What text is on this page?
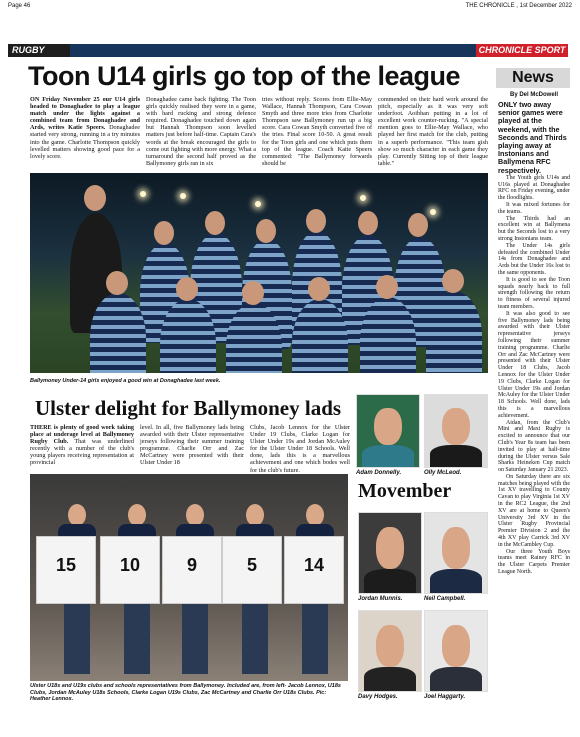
Page 46	THE CHRONICLE , 1st December 2022
RUGBY	CHRONICLE SPORT
Toon U14 girls go top of the league
ON Friday November 25 our U14 girls headed to Donaghadee to play a league match under the lights against a combined team from Donaghadee and Ards, writes Katie Speers. Donaghadee started very strong, running in a try minutes into the game. Charlotte Thompson quickly levelled matters showing good pace for a lovely score.
Donaghadee came back fighting. The Toon girls quickly realised they were in a game, with hard rucking and strong defence required. Donaghadee touched down again but Hannah Thompson soon levelled matters just before half-time. Captain Cara's words at the break encouraged the girls to come out fighting with more energy. What a turnaround the second half proved as the Ballymoney girls ran in six
tries without reply. Scores from Ellie-May Wallace, Hannah Thompson, Cara Cowan Smyth and three more tries from Charlotte Thompson saw Ballymoney run up a big score. Cara Cowan Smyth converted five of the tries. Final score 10-50. A great result for the Toon girls and one which puts them top of the league. Coach Katie Speers commented: "The Ballymoney forwards should be
commended on their hard work around the pitch, especially as it was very soft underfoot. Aoibhan putting in a lot of excellent work counter-rucking. "A special mention goes to Ellie-May Wallace, who played her first match for the club, putting in a superb performance. "This team gish show so much character in each game they play. Currently Sitting top of their league table."
Ballymoney Under-14 girls enjoyed a good win at Donaghadee last week.
Ulster delight for Ballymoney lads
THERE is plenty of good work taking place at underage level at Ballymoney Rugby Club. That was underlined recently with a number of the club's young players receiving representation at provincial
level. In all, five Ballymoney lads being awarded with their Ulster representative jerseys following their summer training programme. Charlie Orr and Zac McCartney were presented with their Ulster Under 18
Clubs, Jacob Lennox for the Ulster Under 19 Clubs, Clarke Logan for Ulster Under 19s and Jordan McAuley for the Ulster Under 18 Schools. Well done, lads this is a marvellous achievement and one which bodes well for the club's future.
15	10	9	5	14
Ulster U18s and U19s clubs and schools representatives from Ballymoney. Included are, from left- Jacob Lennox, U18s Clubs, Jordan McAuley U18s Schools, Clarke Logan U19s Clubs, Zac McCartney and Charlie Orr U18s Clubs. Pic: Heather Lennox.
Adam Donnelly.	Olly McLeod.
Movember
Jordan Munnis.	Neil Campbell.
Davy Hodges.	Joel Haggarty.
News
By Del McDowell
ONLY two away senior games were played at the weekend, with the Seconds and Thirds playing away at Instonians and Ballymena RFC respectively.

The Youth girls U14s and U16s played at Donaghadee RFC on Friday evening, under the floodlights.

It was mixed fortunes for the teams.

The Thirds had an excellent win at Ballymena but the Seconds lost to a very strong Instonians team.

The Under 14s girls defeated the combined Under 14s from Donaghadee and Ards but the Under 16s lost to the same opponents.

It is good to see the Toon squads nearly back to full strength following the return to fitness of several injured team members.

It was also good to see five Ballymoney lads being awarded with their Ulster representative jerseys following their summer training programme. Charlie Orr and Zac McCartney were presented with their Ulster Under 18 Clubs, Jacob Lennox for the Ulster Under 19 Clubs, Clarke Logan for Ulster Under 19s and Jordan McAuley for the Ulster Under 18 Schools. Well done, lads this is a marvellous achievement.

Aidan, from the Club's Mini and Maxi Rugby is excited to announce that our Club's Year 8s team has been invited to play at half-time during the Ulster versus Sale Sharks Heineken Cup match on Saturday January 21 2023.

On Saturday there are six matches being played with the 1st XV travelling to County Cavan to play Virginia 1st XV in the RC2 League, the 2nd XV are at home to Queen's University 3rd XV in the Ulster Rugby Provincial Premier Division 2 and the 4th XV play Carrick 3rd XV in the McCambley Cup.

Our three Youth Boys teams meet Rainey RFC in the Ulster Carpets Premier League North.
